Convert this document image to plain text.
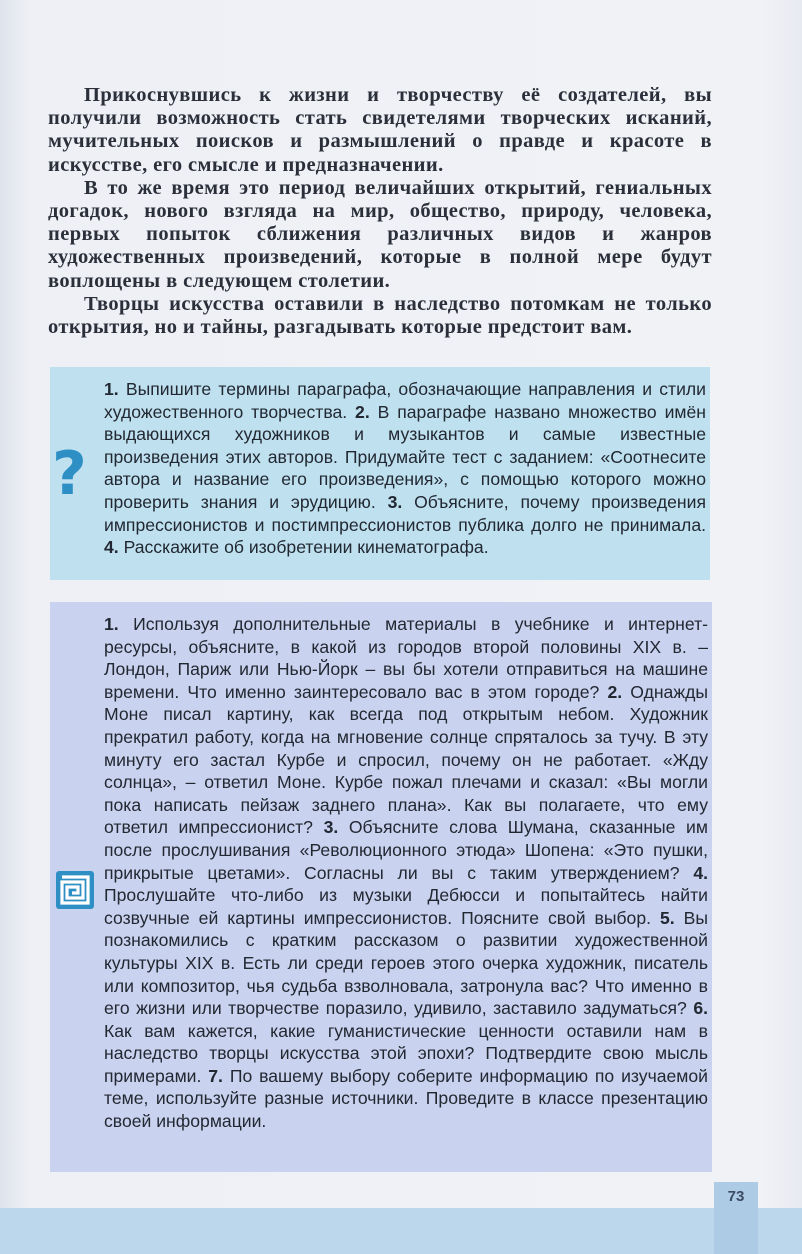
Прикоснувшись к жизни и творчеству её создателей, вы получили возможность стать свидетелями творческих исканий, мучительных поисков и размышлений о правде и красоте в искусстве, его смысле и предназначении.

В то же время это период величайших открытий, гениальных догадок, нового взгляда на мир, общество, природу, человека, первых попыток сближения различных видов и жанров художественных произведений, которые в полной мере будут воплощены в следующем столетии.

Творцы искусства оставили в наследство потомкам не только открытия, но и тайны, разгадывать которые предстоит вам.

?

1. Выпишите термины параграфа, обозначающие направления и стили художественного творчества. 2. В параграфе названо множество имён выдающихся художников и музыкантов и самые известные произведения этих авторов. Придумайте тест с заданием: «Соотнесите автора и название его произведения», с помощью которого можно проверить знания и эрудицию. 3. Объясните, почему произведения импрессионистов и постимпрессионистов публика долго не принимала. 4. Расскажите об изобретении кинематографа.

1. Используя дополнительные материалы в учебнике и интернет-ресурсы, объясните, в какой из городов второй половины XIX в. – Лондон, Париж или Нью-Йорк – вы бы хотели отправиться на машине времени. Что именно заинтересовало вас в этом городе? 2. Однажды Моне писал картину, как всегда под открытым небом. Художник прекратил работу, когда на мгновение солнце спряталось за тучу. В эту минуту его застал Курбе и спросил, почему он не работает. «Жду солнца», – ответил Моне. Курбе пожал плечами и сказал: «Вы могли пока написать пейзаж заднего плана». Как вы полагаете, что ему ответил импрессионист? 3. Объясните слова Шумана, сказанные им после прослушивания «Революционного этюда» Шопена: «Это пушки, прикрытые цветами». Согласны ли вы с таким утверждением? 4. Прослушайте что-либо из музыки Дебюсси и попытайтесь найти созвучные ей картины импрессионистов. Поясните свой выбор. 5. Вы познакомились с кратким рассказом о развитии художественной культуры XIX в. Есть ли среди героев этого очерка художник, писатель или композитор, чья судьба взволновала, затронула вас? Что именно в его жизни или творчестве поразило, удивило, заставило задуматься? 6. Как вам кажется, какие гуманистические ценности оставили нам в наследство творцы искусства этой эпохи? Подтвердите свою мысль примерами. 7. По вашему выбору соберите информацию по изучаемой теме, используйте разные источники. Проведите в классе презентацию своей информации.

73
